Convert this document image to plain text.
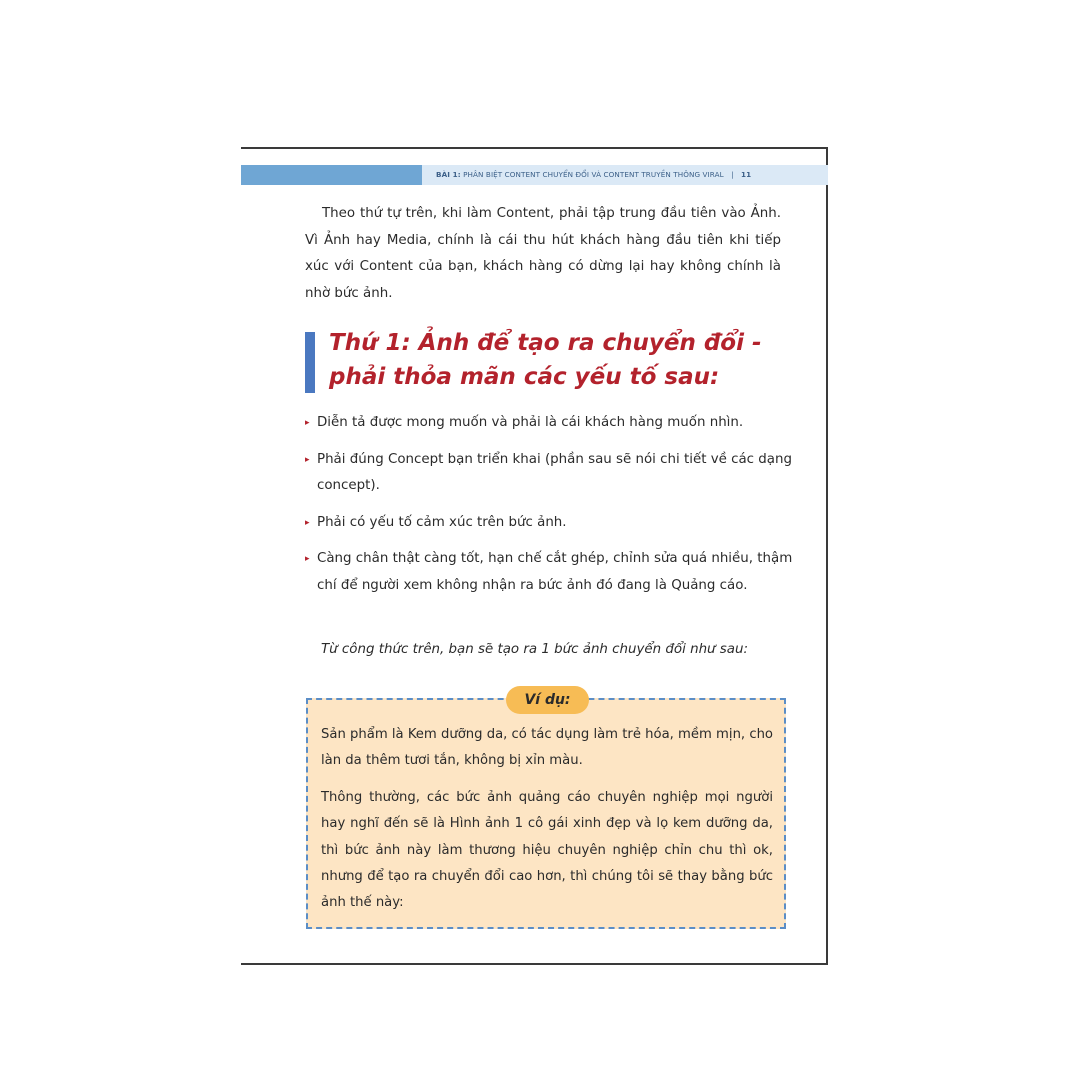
BÀI 1: PHÂN BIỆT CONTENT CHUYỂN ĐỔI VÀ CONTENT TRUYỀN THÔNG VIRAL | 11
Theo thứ tự trên, khi làm Content, phải tập trung đầu tiên vào Ảnh. Vì Ảnh hay Media, chính là cái thu hút khách hàng đầu tiên khi tiếp xúc với Content của bạn, khách hàng có dừng lại hay không chính là nhờ bức ảnh.
Thứ 1: Ảnh để tạo ra chuyển đổi -
phải thỏa mãn các yếu tố sau:
▸ Diễn tả được mong muốn và phải là cái khách hàng muốn nhìn.
▸ Phải đúng Concept bạn triển khai (phần sau sẽ nói chi tiết về các dạng concept).
▸ Phải có yếu tố cảm xúc trên bức ảnh.
▸ Càng chân thật càng tốt, hạn chế cắt ghép, chỉnh sửa quá nhiều, thậm chí để người xem không nhận ra bức ảnh đó đang là Quảng cáo.
Từ công thức trên, bạn sẽ tạo ra 1 bức ảnh chuyển đổi như sau:
Ví dụ:
Sản phẩm là Kem dưỡng da, có tác dụng làm trẻ hóa, mềm mịn, cho làn da thêm tươi tắn, không bị xỉn màu.
Thông thường, các bức ảnh quảng cáo chuyên nghiệp mọi người hay nghĩ đến sẽ là Hình ảnh 1 cô gái xinh đẹp và lọ kem dưỡng da, thì bức ảnh này làm thương hiệu chuyên nghiệp chỉn chu thì ok, nhưng để tạo ra chuyển đổi cao hơn, thì chúng tôi sẽ thay bằng bức ảnh thế này:
